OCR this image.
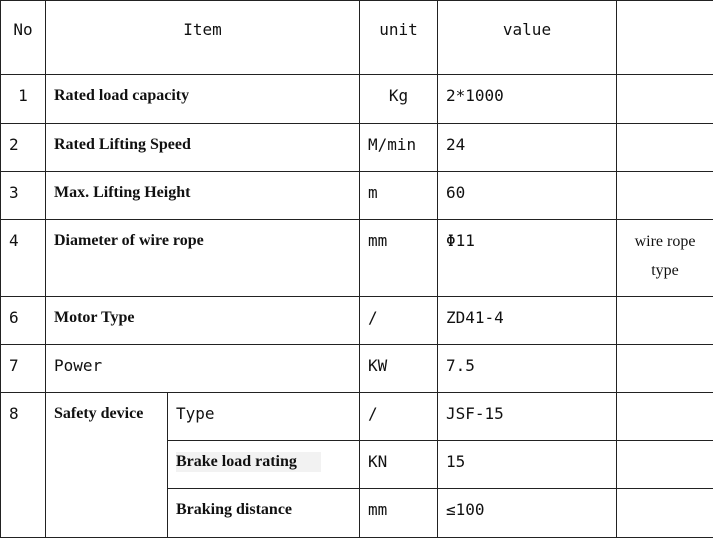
No	Item		unit	value	

1	Rated load capacity		Kg	2*1000	

2	Rated Lifting Speed		M/min	24	

3	Max. Lifting Height		m	60	

4	Diameter of wire rope		mm	Φ11	wire rope
type

6	Motor Type		/	ZD41-4	

7	Power		KW	7.5	

8	Safety device	Type	/	JSF-15	

		Brake load rating	KN	15	

		Braking distance	mm	≤100	
